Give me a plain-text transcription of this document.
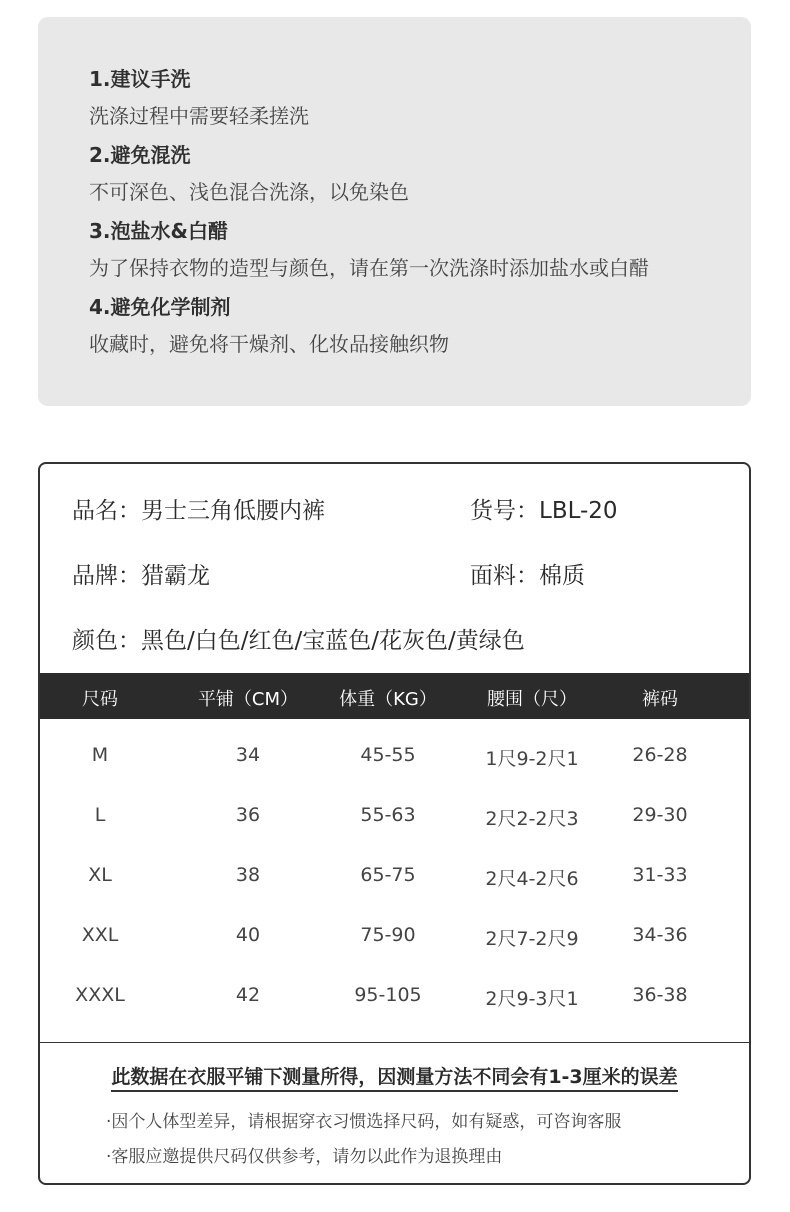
1.建议手洗
洗涤过程中需要轻柔搓洗
2.避免混洗
不可深色、浅色混合洗涤，以免染色
3.泡盐水&白醋
为了保持衣物的造型与颜色，请在第一次洗涤时添加盐水或白醋
4.避免化学制剂
收藏时，避免将干燥剂、化妆品接触织物
品名：男士三角低腰内裤	货号：LBL-20
品牌：猎霸龙	面料：棉质
颜色：黑色/白色/红色/宝蓝色/花灰色/黄绿色
尺码	平铺（CM）	体重（KG）	腰围（尺）	裤码
M	34	45-55	1尺9-2尺1	26-28
L	36	55-63	2尺2-2尺3	29-30
XL	38	65-75	2尺4-2尺6	31-33
XXL	40	75-90	2尺7-2尺9	34-36
XXXL	42	95-105	2尺9-3尺1	36-38
此数据在衣服平铺下测量所得，因测量方法不同会有1-3厘米的误差
·因个人体型差异，请根据穿衣习惯选择尺码，如有疑惑，可咨询客服
·客服应邀提供尺码仅供参考，请勿以此作为退换理由
